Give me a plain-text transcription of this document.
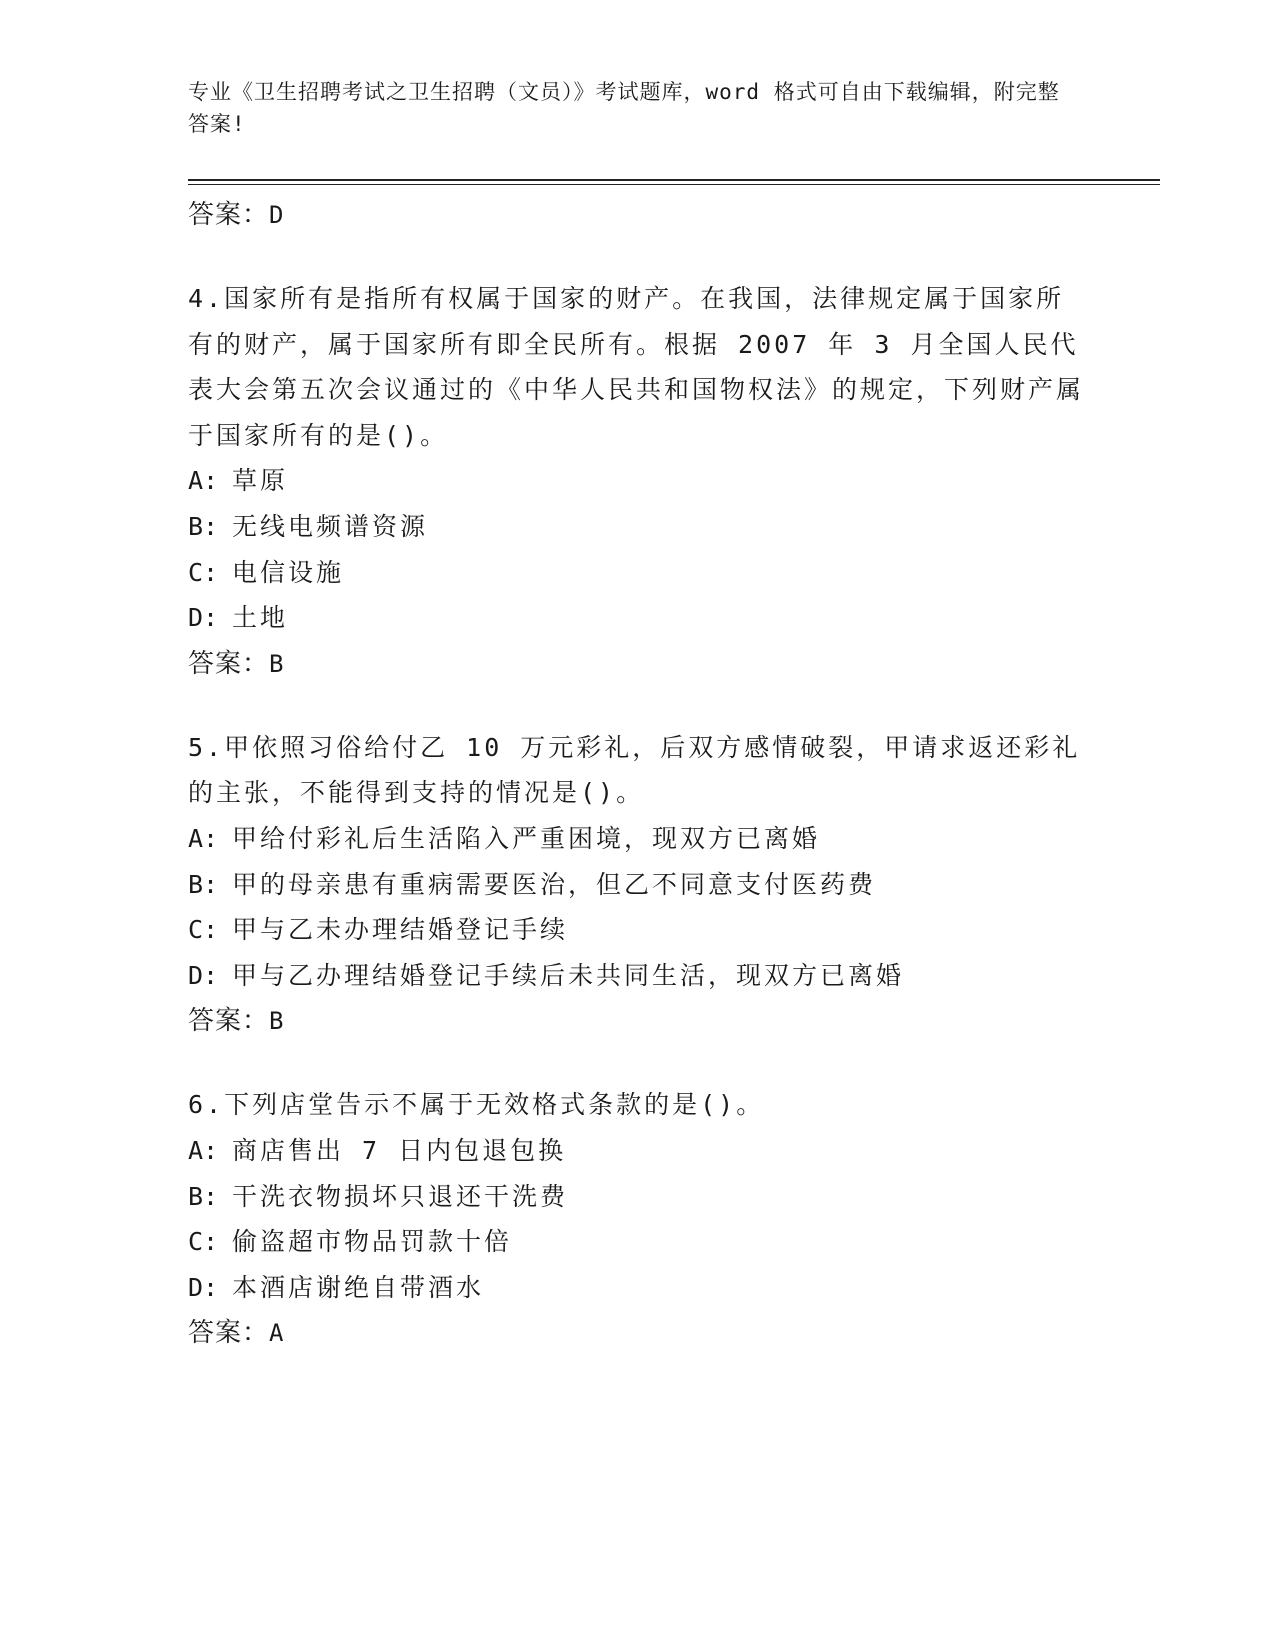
专业《卫生招聘考试之卫生招聘（文员）》考试题库，word 格式可自由下载编辑，附完整答案!

答案：D

4.国家所有是指所有权属于国家的财产。在我国，法律规定属于国家所有的财产，属于国家所有即全民所有。根据 2007 年 3 月全国人民代表大会第五次会议通过的《中华人民共和国物权法》的规定，下列财产属于国家所有的是()。

A: 草原

B: 无线电频谱资源

C: 电信设施

D: 土地

答案：B

5.甲依照习俗给付乙 10 万元彩礼，后双方感情破裂，甲请求返还彩礼的主张，不能得到支持的情况是()。

A: 甲给付彩礼后生活陷入严重困境，现双方已离婚

B: 甲的母亲患有重病需要医治，但乙不同意支付医药费

C: 甲与乙未办理结婚登记手续

D: 甲与乙办理结婚登记手续后未共同生活，现双方已离婚

答案：B

6.下列店堂告示不属于无效格式条款的是()。

A: 商店售出 7 日内包退包换

B: 干洗衣物损坏只退还干洗费

C: 偷盗超市物品罚款十倍

D: 本酒店谢绝自带酒水

答案：A
